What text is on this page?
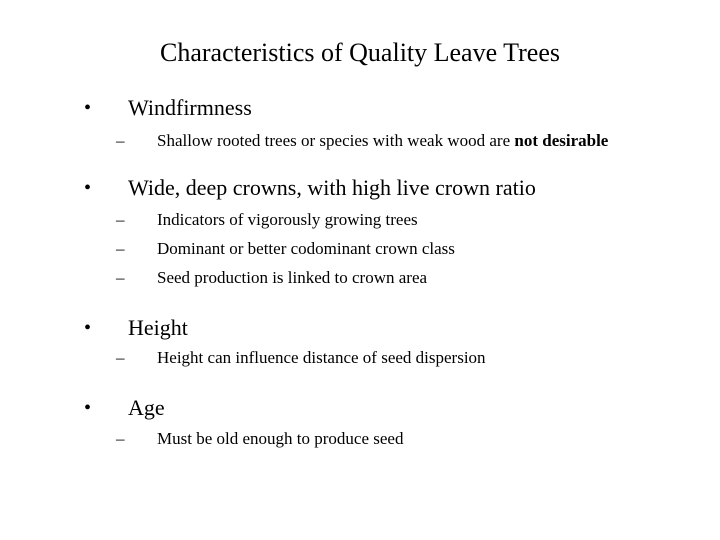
Characteristics of Quality Leave Trees
• Windfirmness
– Shallow rooted trees or species with weak wood are not desirable
• Wide, deep crowns, with high live crown ratio
– Indicators of vigorously growing trees
– Dominant or better codominant crown class
– Seed production is linked to crown area
• Height
– Height can influence distance of seed dispersion
• Age
– Must be old enough to produce seed
